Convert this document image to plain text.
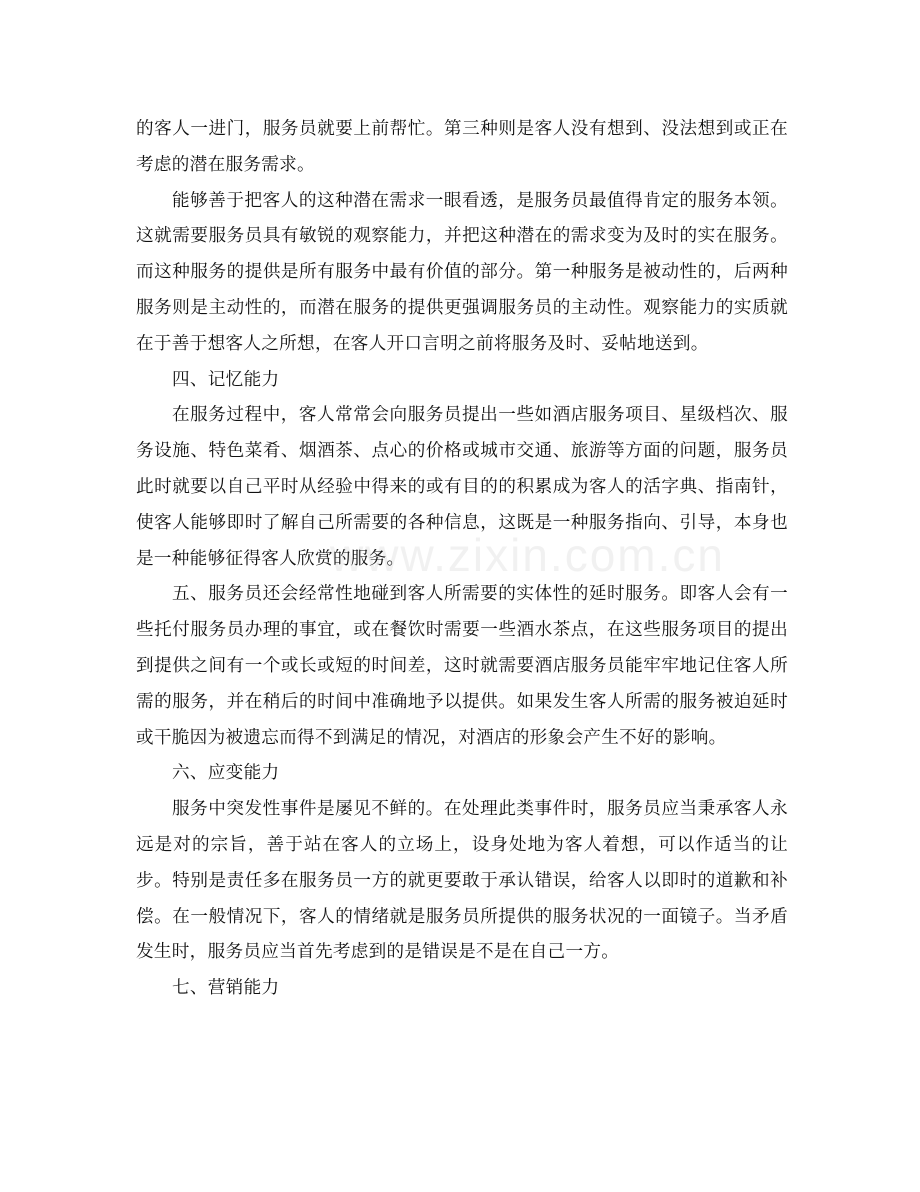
的客人一进门，服务员就要上前帮忙。第三种则是客人没有想到、没法想到或正在考虑的潜在服务需求。

能够善于把客人的这种潜在需求一眼看透，是服务员最值得肯定的服务本领。这就需要服务员具有敏锐的观察能力，并把这种潜在的需求变为及时的实在服务。而这种服务的提供是所有服务中最有价值的部分。第一种服务是被动性的，后两种服务则是主动性的，而潜在服务的提供更强调服务员的主动性。观察能力的实质就在于善于想客人之所想，在客人开口言明之前将服务及时、妥帖地送到。

四、记忆能力

在服务过程中，客人常常会向服务员提出一些如酒店服务项目、星级档次、服务设施、特色菜肴、烟酒茶、点心的价格或城市交通、旅游等方面的问题，服务员此时就要以自己平时从经验中得来的或有目的的积累成为客人的活字典、指南针，使客人能够即时了解自己所需要的各种信息，这既是一种服务指向、引导，本身也是一种能够征得客人欣赏的服务。

五、服务员还会经常性地碰到客人所需要的实体性的延时服务。即客人会有一些托付服务员办理的事宜，或在餐饮时需要一些酒水茶点，在这些服务项目的提出到提供之间有一个或长或短的时间差，这时就需要酒店服务员能牢牢地记住客人所需的服务，并在稍后的时间中准确地予以提供。如果发生客人所需的服务被迫延时或干脆因为被遗忘而得不到满足的情况，对酒店的形象会产生不好的影响。

六、应变能力

服务中突发性事件是屡见不鲜的。在处理此类事件时，服务员应当秉承客人永远是对的宗旨，善于站在客人的立场上，设身处地为客人着想，可以作适当的让步。特别是责任多在服务员一方的就更要敢于承认错误，给客人以即时的道歉和补偿。在一般情况下，客人的情绪就是服务员所提供的服务状况的一面镜子。当矛盾发生时，服务员应当首先考虑到的是错误是不是在自己一方。

七、营销能力

www.zixin.com.cn
